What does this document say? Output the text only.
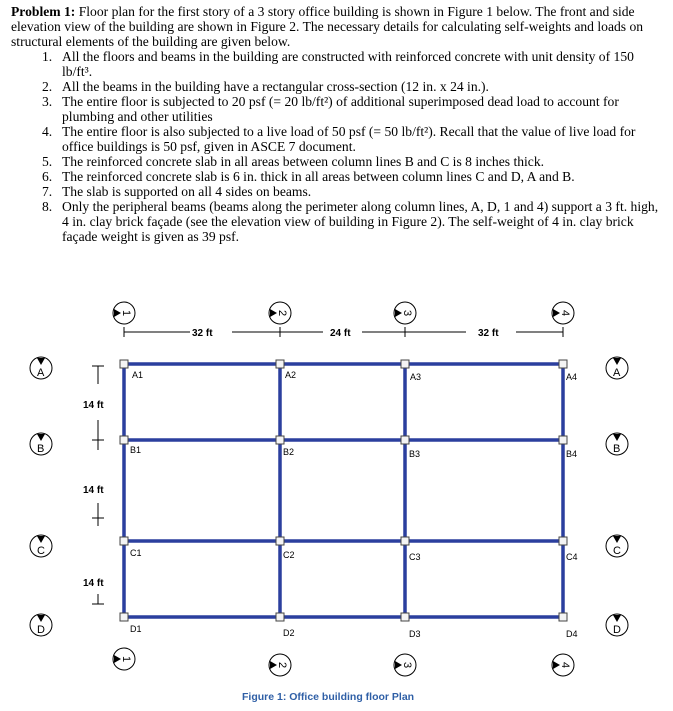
Problem 1: Floor plan for the first story of a 3 story office building is shown in Figure 1 below. The front and side elevation view of the building are shown in Figure 2. The necessary details for calculating self-weights and loads on structural elements of the building are given below.

1. All the floors and beams in the building are constructed with reinforced concrete with unit density of 150 lb/ft³.
2. All the beams in the building have a rectangular cross-section (12 in. x 24 in.).
3. The entire floor is subjected to 20 psf (= 20 lb/ft²) of additional superimposed dead load to account for plumbing and other utilities
4. The entire floor is also subjected to a live load of 50 psf (= 50 lb/ft²). Recall that the value of live load for office buildings is 50 psf, given in ASCE 7 document.
5. The reinforced concrete slab in all areas between column lines B and C is 8 inches thick.
6. The reinforced concrete slab is 6 in. thick in all areas between column lines C and D, A and B.
7. The slab is supported on all 4 sides on beams.
8. Only the peripheral beams (beams along the perimeter along column lines, A, D, 1 and 4) support a 3 ft. high, 4 in. clay brick façade (see the elevation view of building in Figure 2). The self-weight of 4 in. clay brick façade weight is given as 39 psf.
32 ft	24 ft	32 ft
14 ft
14 ft
14 ft
A1	A2	A3	A4
B1	B2	B3	B4
C1	C2	C3	C4
D1	D2	D3	D4
1	2	3	4
1
2	3	4
A
B
C
D
A
B
C
D
Figure 1: Office building floor Plan
